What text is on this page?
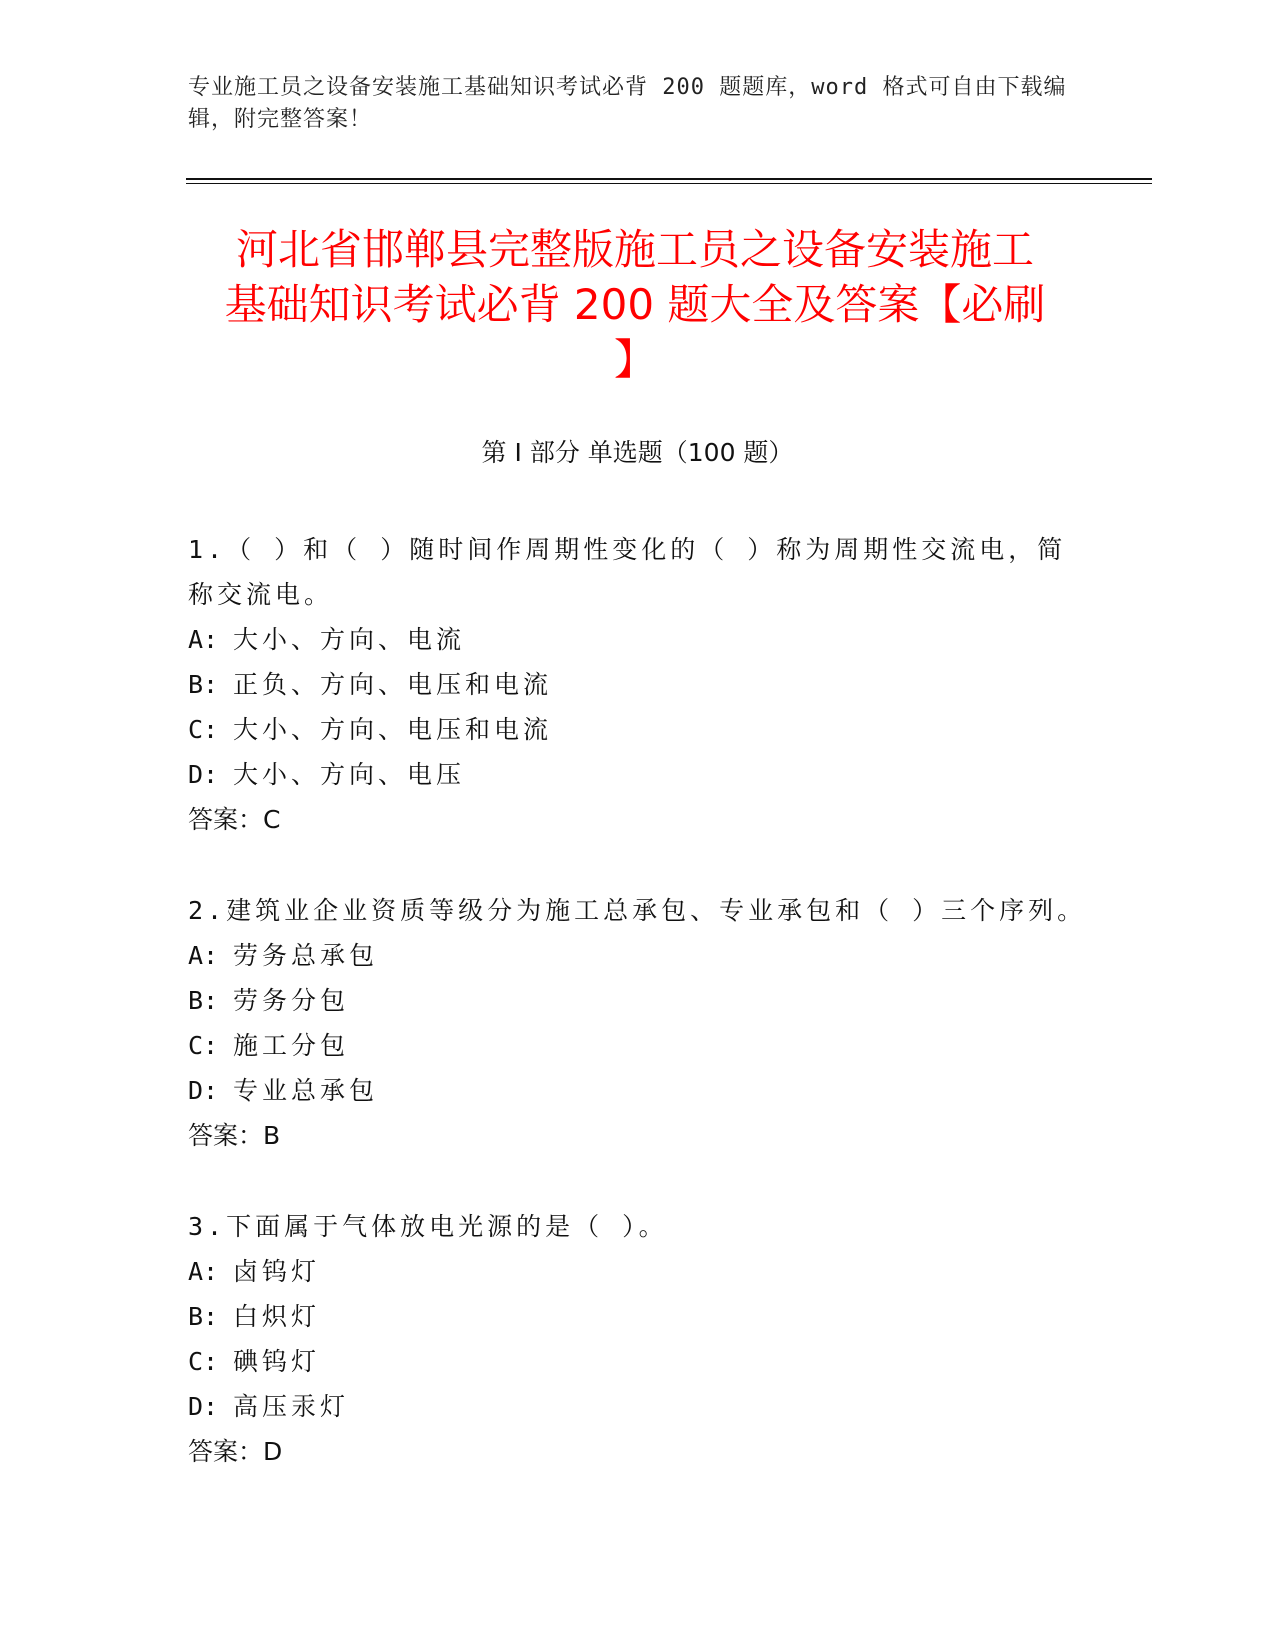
专业施工员之设备安装施工基础知识考试必背 200 题题库，word 格式可自由下载编辑，附完整答案！
河北省邯郸县完整版施工员之设备安装施工
基础知识考试必背 200 题大全及答案【必刷
】
第 I 部分 单选题（100 题）
1.（ ）和（ ）随时间作周期性变化的（ ）称为周期性交流电，简称交流电。
A: 大小、方向、电流
B: 正负、方向、电压和电流
C: 大小、方向、电压和电流
D: 大小、方向、电压
答案：C
2.建筑业企业资质等级分为施工总承包、专业承包和（ ）三个序列。
A: 劳务总承包
B: 劳务分包
C: 施工分包
D: 专业总承包
答案：B
3.下面属于气体放电光源的是（ ）。
A: 卤钨灯
B: 白炽灯
C: 碘钨灯
D: 高压汞灯
答案：D
